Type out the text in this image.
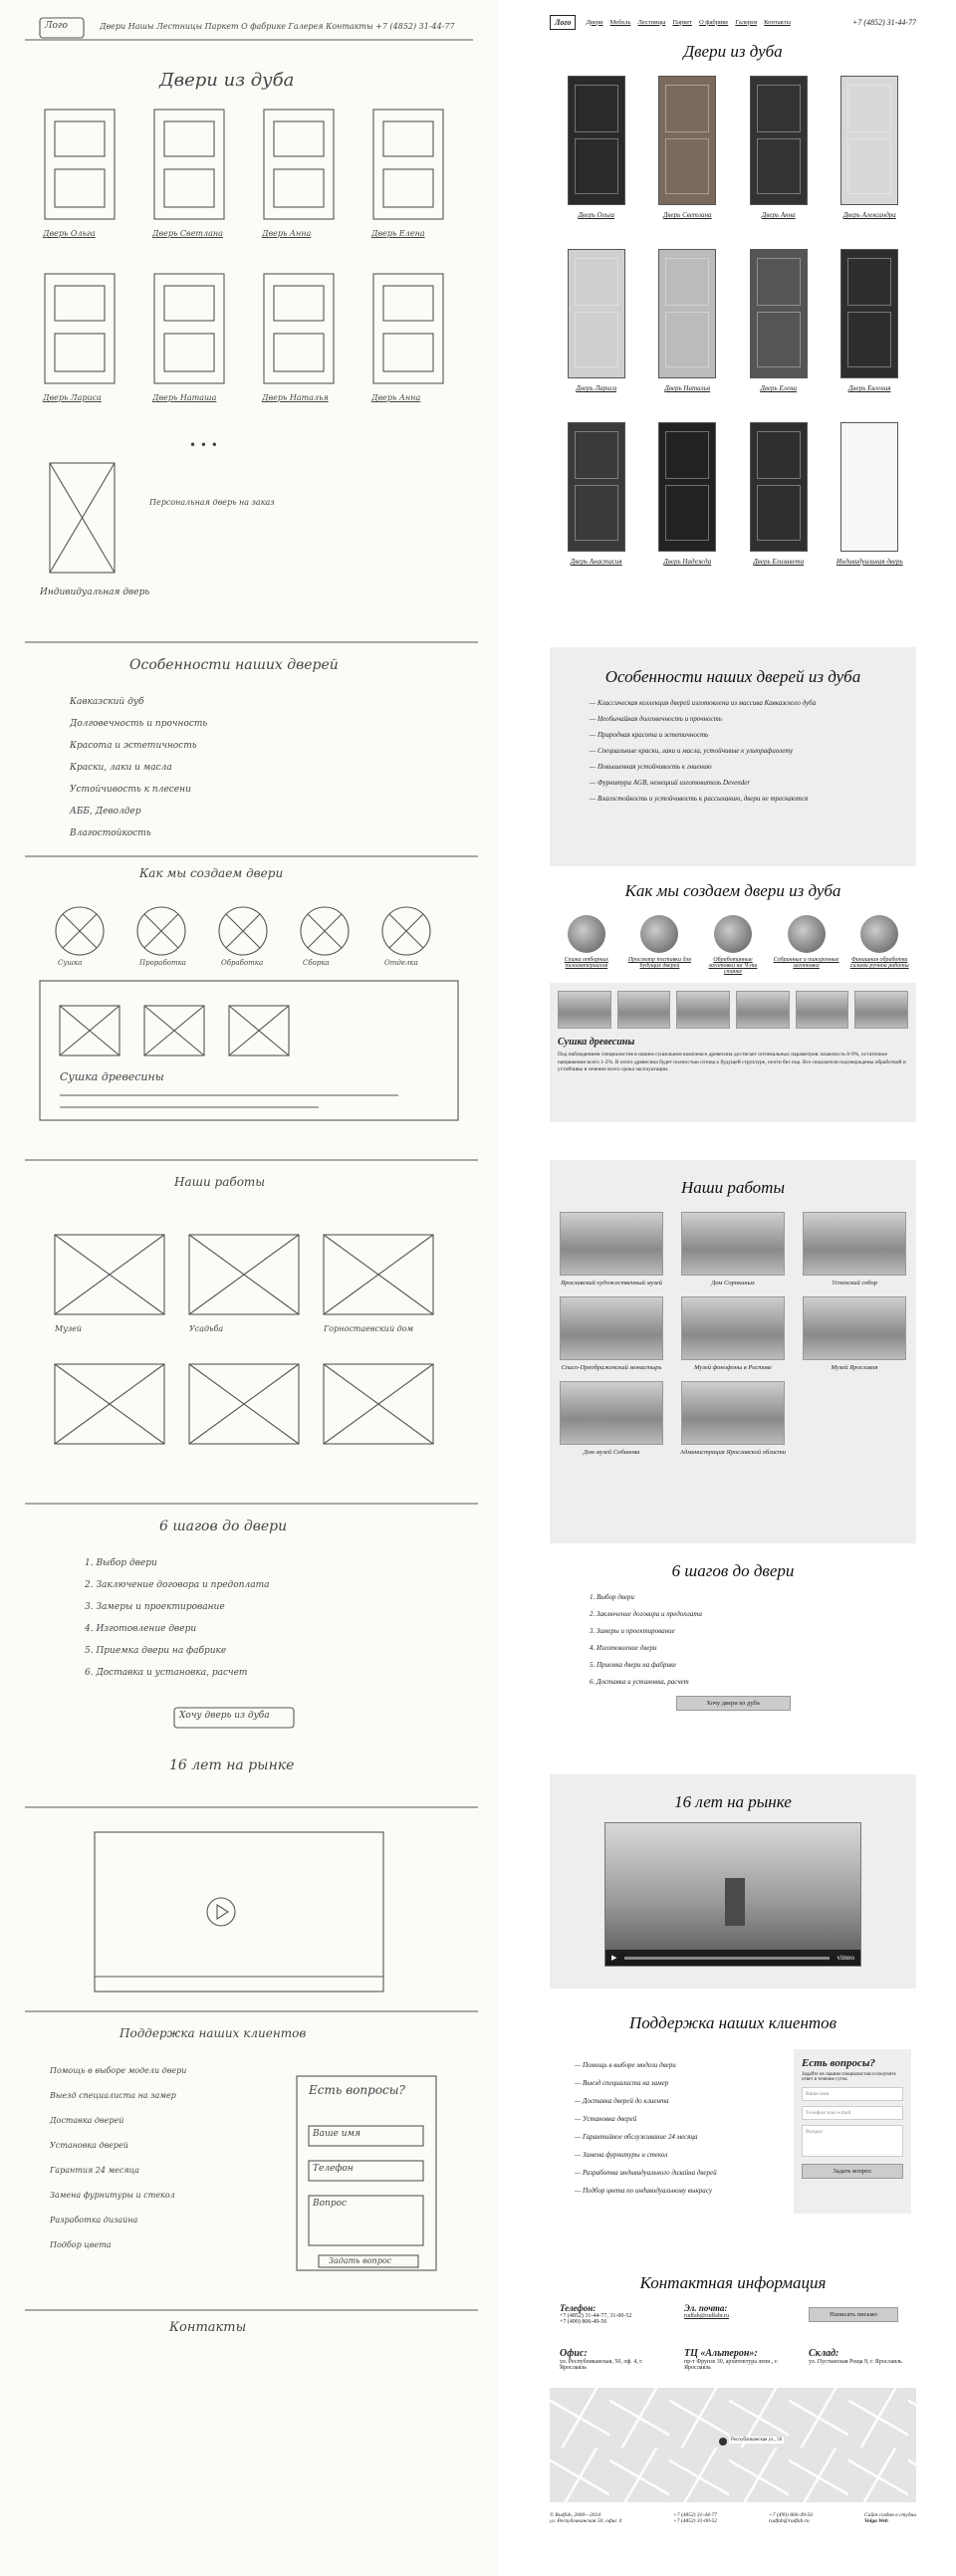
Лого	Двери Нашы Лестницы Паркет О фабрике Галерея Контакты +7 (4852) 31-44-77
Двери из дуба
Дверь Ольга	Дверь Светлана	Дверь Анна	Дверь Елена
Дверь Лариса	Дверь Наташа	Дверь Наталья	Дверь Анна
• • •
Персональная дверь на заказ
Индивидуальная дверь
Особенности наших дверей
Кавказский дуб
Долговечность и прочность
Красота и эстетичность
Краски, лаки и масла
Устойчивость к плесени
АББ, Деволдер
Влагостойкость
Как мы создаем двери
Сушка	Проработка	Обработка	Сборка	Отделка
Сушка древесины
Наши работы
Музей	Усадьба	Горностаевский дом
6 шагов до двери
1. Выбор двери
2. Заключение договора и предоплата
3. Замеры и проектирование
4. Изготовление двери
5. Приемка двери на фабрике
6. Доставка и установка, расчет
Хочу дверь из дуба
16 лет на рынке
Поддержка наших клиентов
Помощь в выборе модели двери
Выезд специалиста на замер
Доставка дверей
Установка дверей
Гарантия 24 месяца
Замена фурнитуры и стекол
Разработка дизайна
Подбор цвета
Есть вопросы?
Ваше имя
Телефон
Вопрос
Задать вопрос
Контакты
Лого	Двери Мебель Лестницы Паркет О фабрике Галерея Контакты	+7 (4852) 31-44-77
Двери из дуба
Дверь Ольга	Дверь Светлана	Дверь Анна	Дверь Александра
Дверь Лариса	Дверь Наталья	Дверь Елена	Дверь Евгения
Дверь Анастасия	Дверь Надежда	Дверь Елизавета	Индивидуальная дверь
Особенности наших дверей из дуба
— Классическая коллекция дверей изготовлена из массива Кавказского дуба
— Необычайная долговечность и прочность
— Природная красота и эстетичность
— Специальные краски, лаки и масла, устойчивые к ультрафиолету
— Повышенная устойчивость к гниению
— Фурнитура AGB, немецкий изготовитель Devender
— Влагостойкость и устойчивость к рассыханию, двери не трескаются
Как мы создаем двери из дуба
Сушка отборных пиломатериалов
Просмотр поставки для будущих дверей
Обработанные заготовки на Ч-ти станке
Собранные и ошкуренные заготовки
Финишная обработка силами ручной работы
Сушка древесины
Под наблюдением специалистов в нашем сушильном комплексе древесина достигает оптимальных параметров: влажность 8-9%, остаточное напряжение всего 1-2%. В итоге древесина будет полностью готова к будущей структуре, почти без пор. Все показатели подтверждены обработкой и устойчивы в течение всего срока эксплуатации.
Наши работы
Ярославский художественный музей	Дом Сорокиных	Успенский собор
Спасо-Преображенский монастырь	Музей фонофоны в Ростове	Музей Ярославля
Дом музей Собинова	Администрация Ярославской области
6 шагов до двери
1. Выбор двери
2. Заключение договора и предоплата
3. Замеры и проектирование
4. Изготовление двери
5. Приемка двери на фабрике
6. Доставка и установка, расчет
Хочу двери из дуба
16 лет на рынке
▶	vimeo
Поддержка наших клиентов
— Помощь в выборе модели двери
— Выезд специалиста на замер
— Доставка дверей до клиента
— Установка дверей
— Гарантийное обслуживание 24 месяца
— Замена фурнитуры и стекол
— Разработка индивидуального дизайна дверей
— Подбор цвета по индивидуальному выкрасу
Есть вопросы?
Задайте их нашим специалистам и получите ответ в течение суток
Ваше имя
Телефон или e-mail
Вопрос
Задать вопрос
Контактная информация
Телефон:
+7 (4852) 31-44-77, 31-00-52
+7 (499) 806-49-56
Эл. почта:
rudfab@rudfabr.ru	Написать письмо
Офис:
ул. Республиканская, 50, оф. 4, г. Ярославль
ТЦ «Альтерон»:
пр-т Фрунзе 30, архитектура лепн., г. Ярославль
Склад:
ул. Пустынская Роща 9, г. Ярославль
Республиканская ул., 50
© Rudfab, 2000—2014
ул. Республиканская 50, офис 4
+7 (4852) 31-44-77
+7 (4852) 31-00-52
+7 (499) 806-49-56
rudfab@rudfab.ru
Сайт создан в студии
Volga Web
